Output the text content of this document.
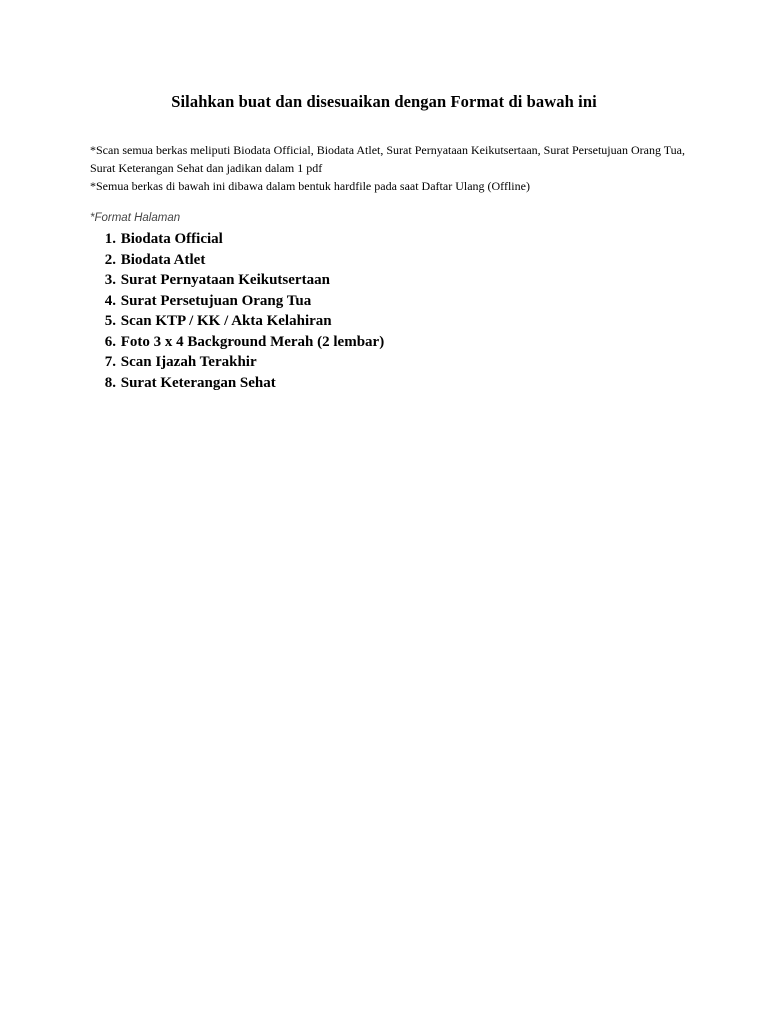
Silahkan buat dan disesuaikan dengan Format di bawah ini

*Scan semua berkas meliputi Biodata Official, Biodata Atlet, Surat Pernyataan Keikutsertaan, Surat Persetujuan Orang Tua, Surat Keterangan Sehat dan jadikan dalam 1 pdf

*Semua berkas di bawah ini dibawa dalam bentuk hardfile pada saat Daftar Ulang (Offline)

*Format Halaman
1. Biodata Official
2. Biodata Atlet
3. Surat Pernyataan Keikutsertaan
4. Surat Persetujuan Orang Tua
5. Scan KTP / KK / Akta Kelahiran
6. Foto 3 x 4 Background Merah (2 lembar)
7. Scan Ijazah Terakhir
8. Surat Keterangan Sehat
